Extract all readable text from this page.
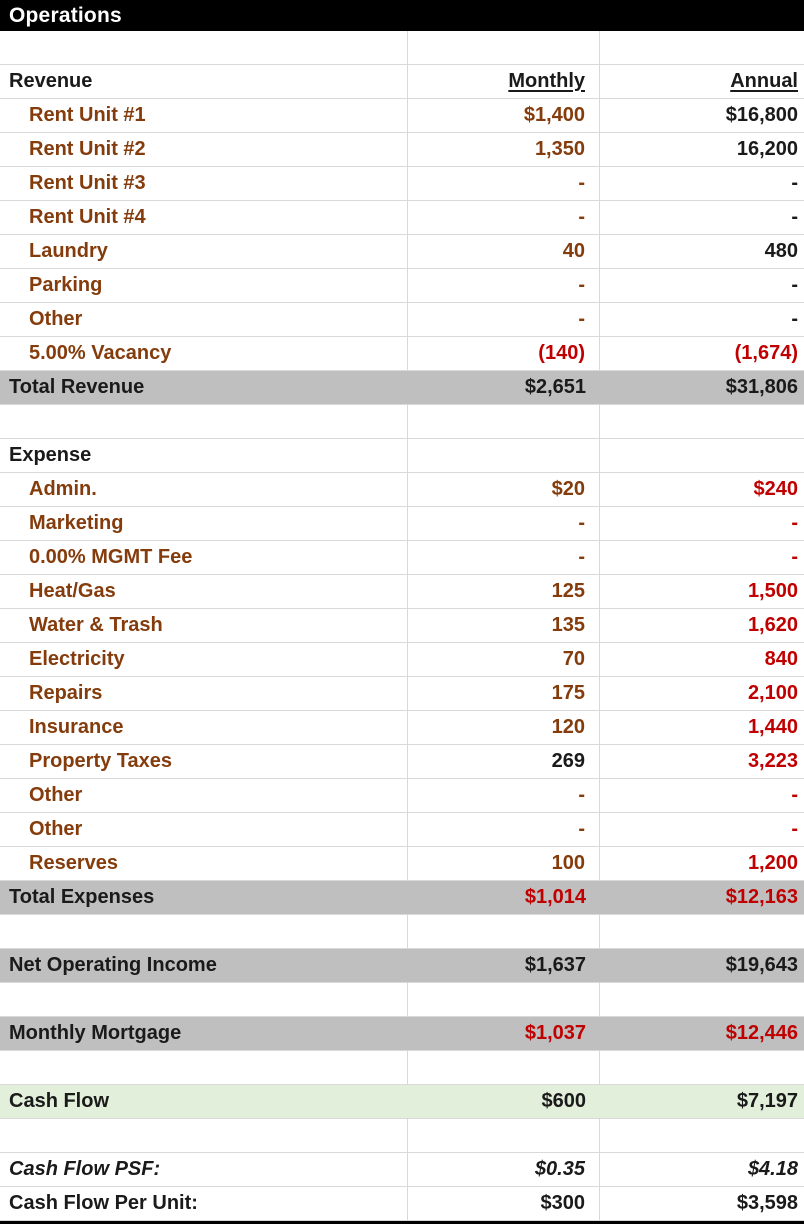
Operations
Revenue	Monthly	Annual
Rent Unit #1	$1,400	$16,800
Rent Unit #2	1,350	16,200
Rent Unit #3	-	-
Rent Unit #4	-	-
Laundry	40	480
Parking	-	-
Other	-	-
5.00% Vacancy	(140)	(1,674)
Total Revenue	$2,651	$31,806
Expense
Admin.	$20	$240
Marketing	-	-
0.00% MGMT Fee	-	-
Heat/Gas	125	1,500
Water & Trash	135	1,620
Electricity	70	840
Repairs	175	2,100
Insurance	120	1,440
Property Taxes	269	3,223
Other	-	-
Other	-	-
Reserves	100	1,200
Total Expenses	$1,014	$12,163
Net Operating Income	$1,637	$19,643
Monthly Mortgage	$1,037	$12,446
Cash Flow	$600	$7,197
Cash Flow PSF:	$0.35	$4.18
Cash Flow Per Unit:	$300	$3,598
